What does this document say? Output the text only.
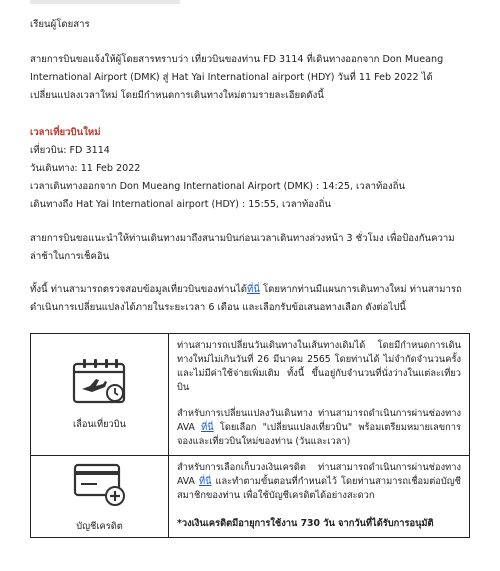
เรียนผู้โดยสาร
สายการบินขอแจ้งให้ผู้โดยสารทราบว่า เที่ยวบินของท่าน FD 3114 ที่เดินทางออกจาก Don Mueang International Airport (DMK) สู่ Hat Yai International airport (HDY) วันที่ 11 Feb 2022 ได้เปลี่ยนแปลงเวลาใหม่ โดยมีกำหนดการเดินทางใหม่ตามรายละเอียดดังนี้
เวลาเที่ยวบินใหม่
เที่ยวบิน: FD 3114
วันเดินทาง: 11 Feb 2022
เวลาเดินทางออกจาก Don Mueang International Airport (DMK) : 14:25, เวลาท้องถิ่น
เดินทางถึง Hat Yai International airport (HDY) : 15:55, เวลาท้องถิ่น
สายการบินขอแนะนำให้ท่านเดินทางมาถึงสนามบินก่อนเวลาเดินทางล่วงหน้า 3 ชั่วโมง เพื่อป้องกันความล่าช้าในการเช็คอิน
ทั้งนี้ ท่านสามารถตรวจสอบข้อมูลเที่ยวบินของท่านได้ที่นี่ โดยหากท่านมีแผนการเดินทางใหม่ ท่านสามารถดำเนินการเปลี่ยนแปลงได้ภายในระยะเวลา 6 เดือน และเลือกรับข้อเสนอทางเลือก ดังต่อไปนี้
เลื่อนเที่ยวบิน	ท่านสามารถเปลี่ยนวันเดินทางในเส้นทางเดิมได้ โดยมีกำหนดการเดินทางใหม่ไม่เกินวันที่ 26 มีนาคม 2565 โดยท่านได้ ไม่จำกัดจำนวนครั้ง และไม่มีค่าใช้จ่ายเพิ่มเติม ทั้งนี้ ขึ้นอยู่กับจำนวนที่นั่งว่างในแต่ละเที่ยวบิน
สำหรับการเปลี่ยนแปลงวันเดินทาง ท่านสามารถดำเนินการผ่านช่องทาง AVA ที่นี่ โดยเลือก "เปลี่ยนแปลงเที่ยวบิน" พร้อมเตรียมหมายเลขการจองและเที่ยวบินใหม่ของท่าน (วันและเวลา)

บัญชีเครดิต	สำหรับการเลือกเก็บวงเงินเครดิต ท่านสามารถดำเนินการผ่านช่องทาง AVA ที่นี่ และทำตามขั้นตอนที่กำหนดไว้ โดยท่านสามารถเชื่อมต่อบัญชีสมาชิกของท่าน เพื่อใช้บัญชีเครดิตได้อย่างสะดวก
*วงเงินเครดิตมีอายุการใช้งาน 730 วัน จากวันที่ได้รับการอนุมัติ
